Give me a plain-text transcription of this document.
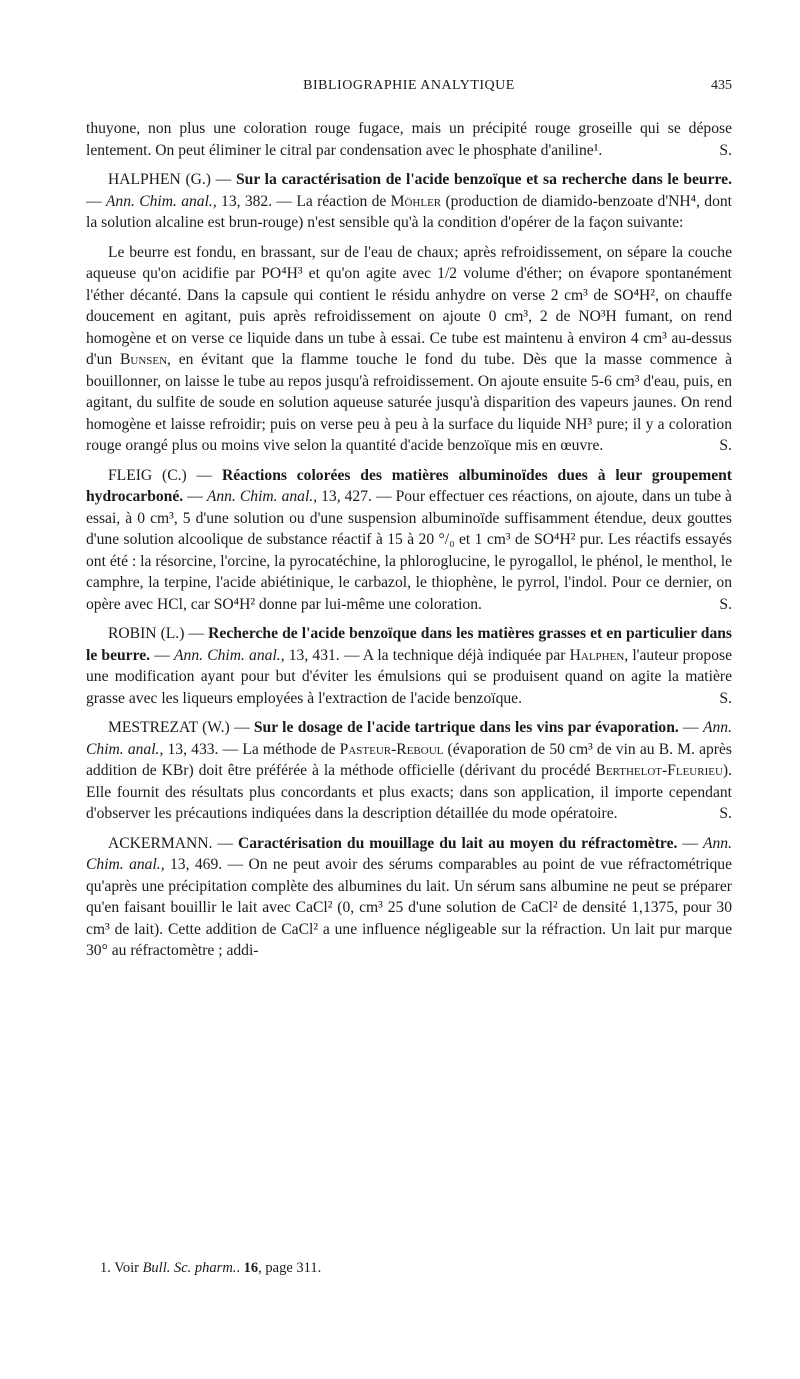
BIBLIOGRAPHIE ANALYTIQUE	435

thuyone, non plus une coloration rouge fugace, mais un précipité rouge groseille qui se dépose lentement. On peut éliminer le citral par condensation avec le phosphate d'aniline¹.	S.

HALPHEN (G.) — Sur la caractérisation de l'acide benzoïque et sa recherche dans le beurre. — Ann. Chim. anal., 13, 382. — La réaction de Möhler (production de diamido-benzoate d'NH⁴, dont la solution alcaline est brun-rouge) n'est sensible qu'à la condition d'opérer de la façon suivante:

Le beurre est fondu, en brassant, sur de l'eau de chaux; après refroidissement, on sépare la couche aqueuse qu'on acidifie par PO⁴H³ et qu'on agite avec 1/2 volume d'éther; on évapore spontanément l'éther décanté. Dans la capsule qui contient le résidu anhydre on verse 2 cm³ de SO⁴H², on chauffe doucement en agitant, puis après refroidissement on ajoute 0 cm³, 2 de NO³H fumant, on rend homogène et on verse ce liquide dans un tube à essai. Ce tube est maintenu à environ 4 cm³ au-dessus d'un Bunsen, en évitant que la flamme touche le fond du tube. Dès que la masse commence à bouillonner, on laisse le tube au repos jusqu'à refroidissement. On ajoute ensuite 5-6 cm³ d'eau, puis, en agitant, du sulfite de soude en solution aqueuse saturée jusqu'à disparition des vapeurs jaunes. On rend homogène et laisse refroidir; puis on verse peu à peu à la surface du liquide NH³ pure; il y a coloration rouge orangé plus ou moins vive selon la quantité d'acide benzoïque mis en œuvre.	S.

FLEIG (C.) — Réactions colorées des matières albuminoïdes dues à leur groupement hydrocarboné. — Ann. Chim. anal., 13, 427. — Pour effectuer ces réactions, on ajoute, dans un tube à essai, à 0 cm³, 5 d'une solution ou d'une suspension albuminoïde suffisamment étendue, deux gouttes d'une solution alcoolique de substance réactif à 15 à 20 °/₀ et 1 cm³ de SO⁴H² pur. Les réactifs essayés ont été : la résorcine, l'orcine, la pyrocatéchine, la phloroglucine, le pyrogallol, le phénol, le menthol, le camphre, la terpine, l'acide abiétinique, le carbazol, le thiophène, le pyrrol, l'indol. Pour ce dernier, on opère avec HCl, car SO⁴H² donne par lui-même une coloration.	S.

ROBIN (L.) — Recherche de l'acide benzoïque dans les matières grasses et en particulier dans le beurre. — Ann. Chim. anal., 13, 431. — A la technique déjà indiquée par Halphen, l'auteur propose une modification ayant pour but d'éviter les émulsions qui se produisent quand on agite la matière grasse avec les liqueurs employées à l'extraction de l'acide benzoïque.	S.

MESTREZAT (W.) — Sur le dosage de l'acide tartrique dans les vins par évaporation. — Ann. Chim. anal., 13, 433. — La méthode de Pasteur-Reboul (évaporation de 50 cm³ de vin au B. M. après addition de KBr) doit être préférée à la méthode officielle (dérivant du procédé Berthelot-Fleurieu). Elle fournit des résultats plus concordants et plus exacts; dans son application, il importe cependant d'observer les précautions indiquées dans la description détaillée du mode opératoire.	S.

ACKERMANN. — Caractérisation du mouillage du lait au moyen du réfractomètre. — Ann. Chim. anal., 13, 469. — On ne peut avoir des sérums comparables au point de vue réfractométrique qu'après une précipitation complète des albumines du lait. Un sérum sans albumine ne peut se préparer qu'en faisant bouillir le lait avec CaCl² (0, cm³ 25 d'une solution de CaCl² de densité 1,1375, pour 30 cm³ de lait). Cette addition de CaCl² a une influence négligeable sur la réfraction. Un lait pur marque 30° au réfractomètre ; addi-

1. Voir Bull. Sc. pharm.. 16, page 311.
